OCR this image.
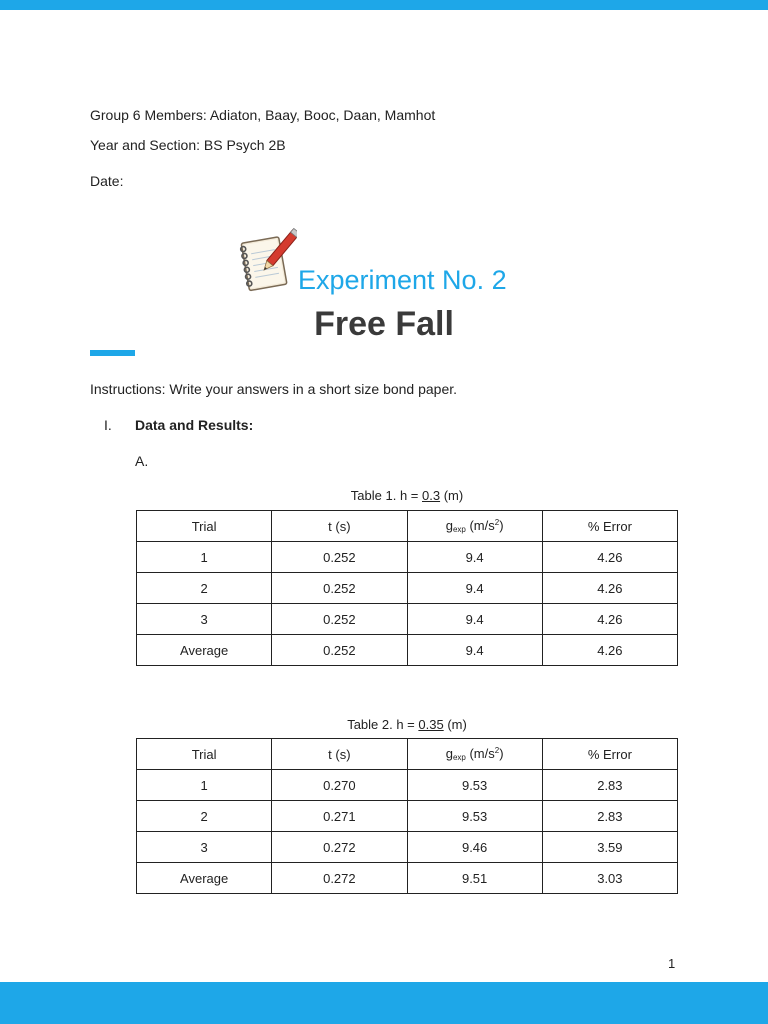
Group 6 Members: Adiaton, Baay, Booc, Daan, Mamhot
Year and Section: BS Psych 2B
Date:
Experiment No. 2
Free Fall
Instructions: Write your answers in a short size bond paper.
I. Data and Results:
A.
Table 1. h = 0.3 (m)
Trial	t (s)	$g_{exp}$ $(m/s^2)$	% Error
1	0.252	9.4	4.26
2	0.252	9.4	4.26
3	0.252	9.4	4.26
Average	0.252	9.4	4.26
Table 2. h = 0.35 (m)
Trial	t (s)	$g_{exp}$ $(m/s^2)$	% Error
1	0.270	9.53	2.83
2	0.271	9.53	2.83
3	0.272	9.46	3.59
Average	0.272	9.51	3.03
1
